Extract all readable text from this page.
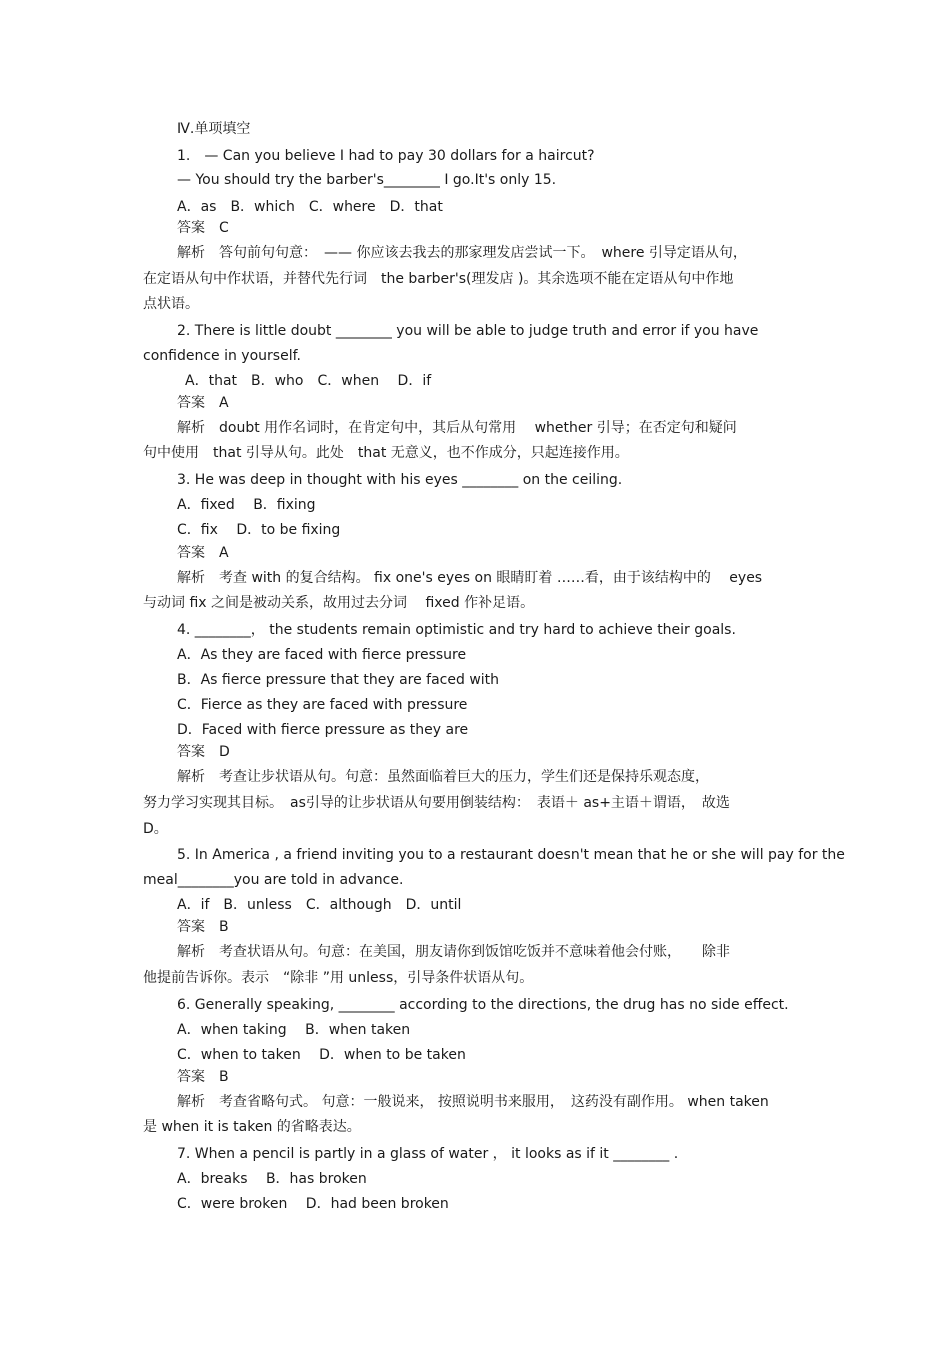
Ⅳ.单项填空
1.　— Can you believe I had to pay 30 dollars for a haircut?
— You should try the barber's________ I go.It's only 15.
A．as　B．which　C．where　D．that
答案　C
解析　答句前句句意：　—— 你应该去我去的那家理发店尝试一下。　where 引导定语从句，
在定语从句中作状语，并替代先行词　the barber's(理发店 )。其余选项不能在定语从句中作地
点状语。
2. There is little doubt ________ you will be able to judge truth and error if you have
confidence in yourself.
A．that　B．who　C．when　 D．if
答案　A
解析　doubt 用作名词时，在肯定句中，其后从句常用　 whether 引导；在否定句和疑问
句中使用　that 引导从句。此处　that 无意义，也不作成分，只起连接作用。
3. He was deep in thought with his eyes ________ on the ceiling.
A．fixed　 B．fixing
C．fix　 D．to be fixing
答案　A
解析　考查 with 的复合结构。 fix one's eyes on 眼睛盯着 ……看，由于该结构中的　 eyes
与动词 fix 之间是被动关系，故用过去分词　 fixed 作补足语。
4. ________， the students remain optimistic and try hard to achieve their goals.
A．As they are faced with fierce pressure
B．As fierce pressure that they are faced with
C．Fierce as they are faced with pressure
D．Faced with fierce pressure as they are
答案　D
解析　考查让步状语从句。句意：虽然面临着巨大的压力，学生们还是保持乐观态度，
努力学习实现其目标。　as引导的让步状语从句要用倒装结构：　表语＋ as+主语＋谓语，　故选
D。
5. In America , a friend inviting you to a restaurant doesn't mean that he or she will pay for the
meal________you are told in advance.
A．if　B．unless　C．although　D．until
答案　B
解析　考查状语从句。句意：在美国，朋友请你到饭馆吃饭并不意味着他会付账，　　除非
他提前告诉你。表示　“除非 ”用 unless，引导条件状语从句。
6. Generally speaking, ________ according to the directions, the drug has no side effect.
A．when taking　 B．when taken
C．when to taken　 D．when to be taken
答案　B
解析　考查省略句式。 句意：一般说来， 按照说明书来服用，　这药没有副作用。 when taken
是 when it is taken 的省略表达。
7. When a pencil is partly in a glass of water ， it looks as if it ________ .
A．breaks　 B．has broken
C．were broken　 D．had been broken
